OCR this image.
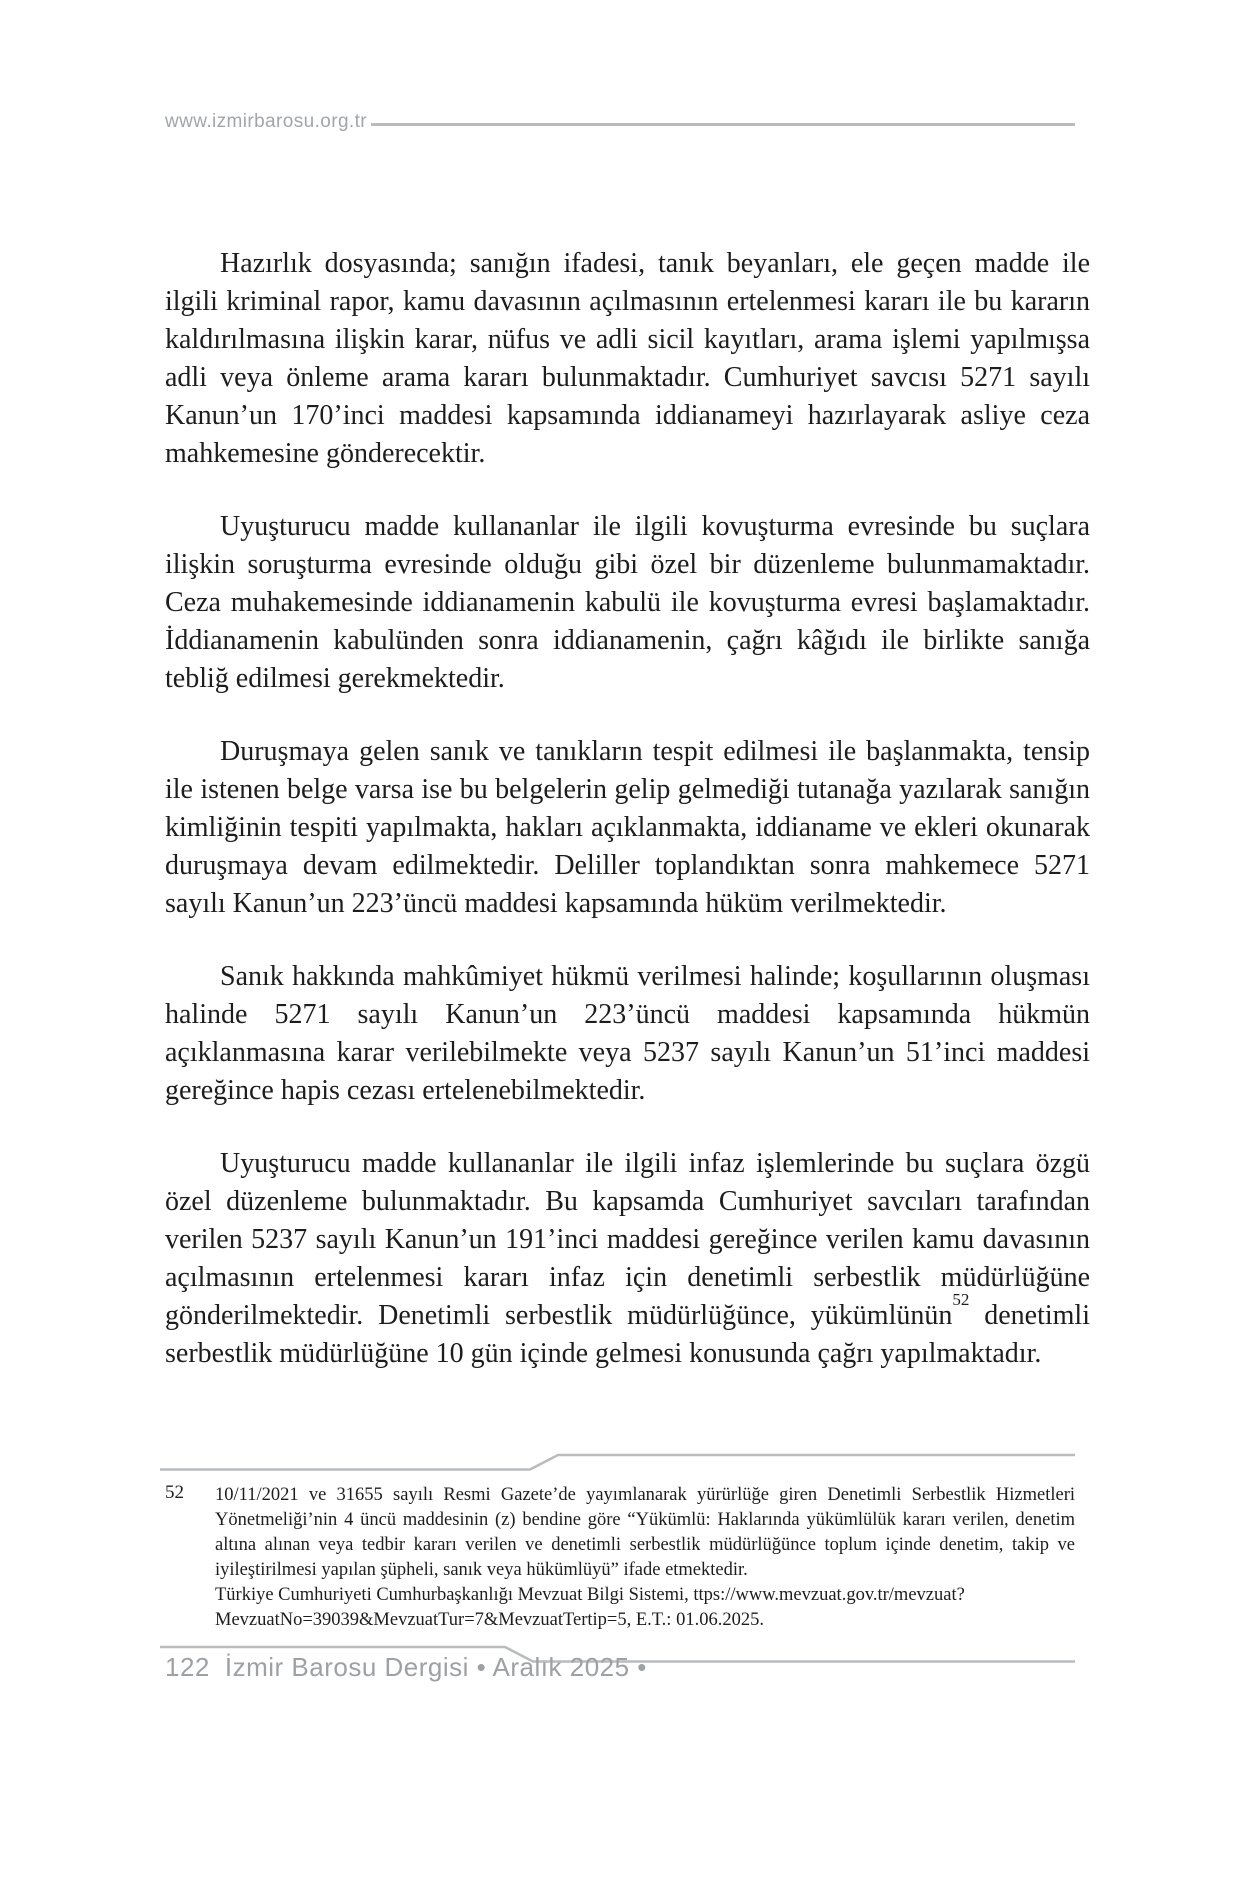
www.izmirbarosu.org.tr

Hazırlık dosyasında; sanığın ifadesi, tanık beyanları, ele geçen madde ile ilgili kriminal rapor, kamu davasının açılmasının ertelenmesi kararı ile bu kararın kaldırılmasına ilişkin karar, nüfus ve adli sicil kayıtları, arama işlemi yapılmışsa adli veya önleme arama kararı bulunmaktadır. Cumhuriyet savcısı 5271 sayılı Kanun’un 170’inci maddesi kapsamında iddianameyi hazırlayarak asliye ceza mahkemesine gönderecektir.

Uyuşturucu madde kullananlar ile ilgili kovuşturma evresinde bu suçlara ilişkin soruşturma evresinde olduğu gibi özel bir düzenleme bulunmamaktadır. Ceza muhakemesinde iddianamenin kabulü ile kovuşturma evresi başlamaktadır. İddianamenin kabulünden sonra iddianamenin, çağrı kâğıdı ile birlikte sanığa tebliğ edilmesi gerekmektedir.

Duruşmaya gelen sanık ve tanıkların tespit edilmesi ile başlanmakta, tensip ile istenen belge varsa ise bu belgelerin gelip gelmediği tutanağa yazılarak sanığın kimliğinin tespiti yapılmakta, hakları açıklanmakta, iddianame ve ekleri okunarak duruşmaya devam edilmektedir. Deliller toplandıktan sonra mahkemece 5271 sayılı Kanun’un 223’üncü maddesi kapsamında hüküm verilmektedir.

Sanık hakkında mahkûmiyet hükmü verilmesi halinde; koşullarının oluşması halinde 5271 sayılı Kanun’un 223’üncü maddesi kapsamında hükmün açıklanmasına karar verilebilmekte veya 5237 sayılı Kanun’un 51’inci maddesi gereğince hapis cezası ertelenebilmektedir.

Uyuşturucu madde kullananlar ile ilgili infaz işlemlerinde bu suçlara özgü özel düzenleme bulunmaktadır. Bu kapsamda Cumhuriyet savcıları tarafından verilen 5237 sayılı Kanun’un 191’inci maddesi gereğince verilen kamu davasının açılmasının ertelenmesi kararı infaz için denetimli serbestlik müdürlüğüne gönderilmektedir. Denetimli serbestlik müdürlüğünce, yükümlünün$^{52}$ denetimli serbestlik müdürlüğüne 10 gün içinde gelmesi konusunda çağrı yapılmaktadır.

52	10/11/2021 ve 31655 sayılı Resmi Gazete’de yayımlanarak yürürlüğe giren Denetimli Serbestlik Hizmetleri Yönetmeliği’nin 4 üncü maddesinin (z) bendine göre “Yükümlü: Haklarında yükümlülük kararı verilen, denetim altına alınan veya tedbir kararı verilen ve denetimli serbestlik müdürlüğünce toplum içinde denetim, takip ve iyileştirilmesi yapılan şüpheli, sanık veya hükümlüyü” ifade etmektedir.
Türkiye Cumhuriyeti Cumhurbaşkanlığı Mevzuat Bilgi Sistemi, ttps://www.mevzuat.gov.tr/mevzuat?MevzuatNo=39039&MevzuatTur=7&MevzuatTertip=5, E.T.: 01.06.2025.
122 İzmir Barosu Dergisi • Aralık 2025 •
